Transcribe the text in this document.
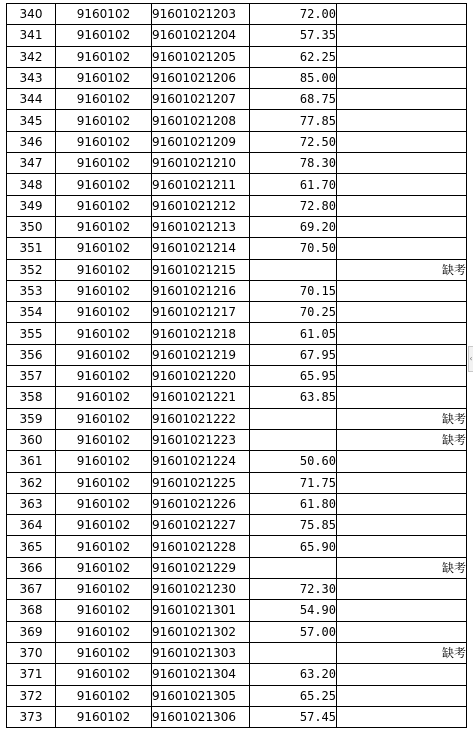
340	9160102	91601021203	72.00	
341	9160102	91601021204	57.35	
342	9160102	91601021205	62.25	
343	9160102	91601021206	85.00	
344	9160102	91601021207	68.75	
345	9160102	91601021208	77.85	
346	9160102	91601021209	72.50	
347	9160102	91601021210	78.30	
348	9160102	91601021211	61.70	
349	9160102	91601021212	72.80	
350	9160102	91601021213	69.20	
351	9160102	91601021214	70.50	
352	9160102	91601021215		缺考
353	9160102	91601021216	70.15	
354	9160102	91601021217	70.25	
355	9160102	91601021218	61.05	
356	9160102	91601021219	67.95	
357	9160102	91601021220	65.95	
358	9160102	91601021221	63.85	
359	9160102	91601021222		缺考
360	9160102	91601021223		缺考
361	9160102	91601021224	50.60	
362	9160102	91601021225	71.75	
363	9160102	91601021226	61.80	
364	9160102	91601021227	75.85	
365	9160102	91601021228	65.90	
366	9160102	91601021229		缺考
367	9160102	91601021230	72.30	
368	9160102	91601021301	54.90	
369	9160102	91601021302	57.00	
370	9160102	91601021303		缺考
371	9160102	91601021304	63.20	
372	9160102	91601021305	65.25	
373	9160102	91601021306	57.45	
‹
